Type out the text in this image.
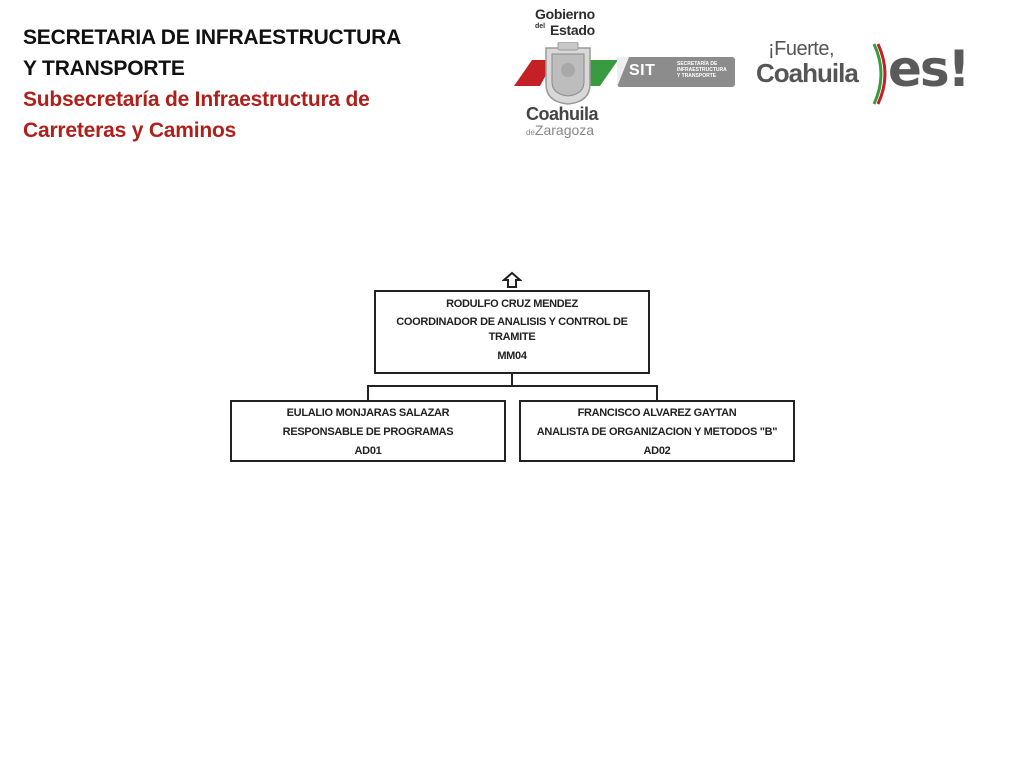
SECRETARIA DE INFRAESTRUCTURA
Y TRANSPORTE
Subsecretaría de Infraestructura de
Carreteras y Caminos
Gobierno
del Estado
Coahuila
deZaragoza
SIT	SECRETARÍA DE
INFRAESTRUCTURA
Y TRANSPORTE
¡Fuerte,
Coahuila es!
RODULFO CRUZ MENDEZ
COORDINADOR DE ANALISIS Y CONTROL DE TRAMITE
MM04
EULALIO MONJARAS SALAZAR
RESPONSABLE DE PROGRAMAS
AD01
FRANCISCO ALVAREZ GAYTAN
ANALISTA DE ORGANIZACION Y METODOS "B"
AD02
